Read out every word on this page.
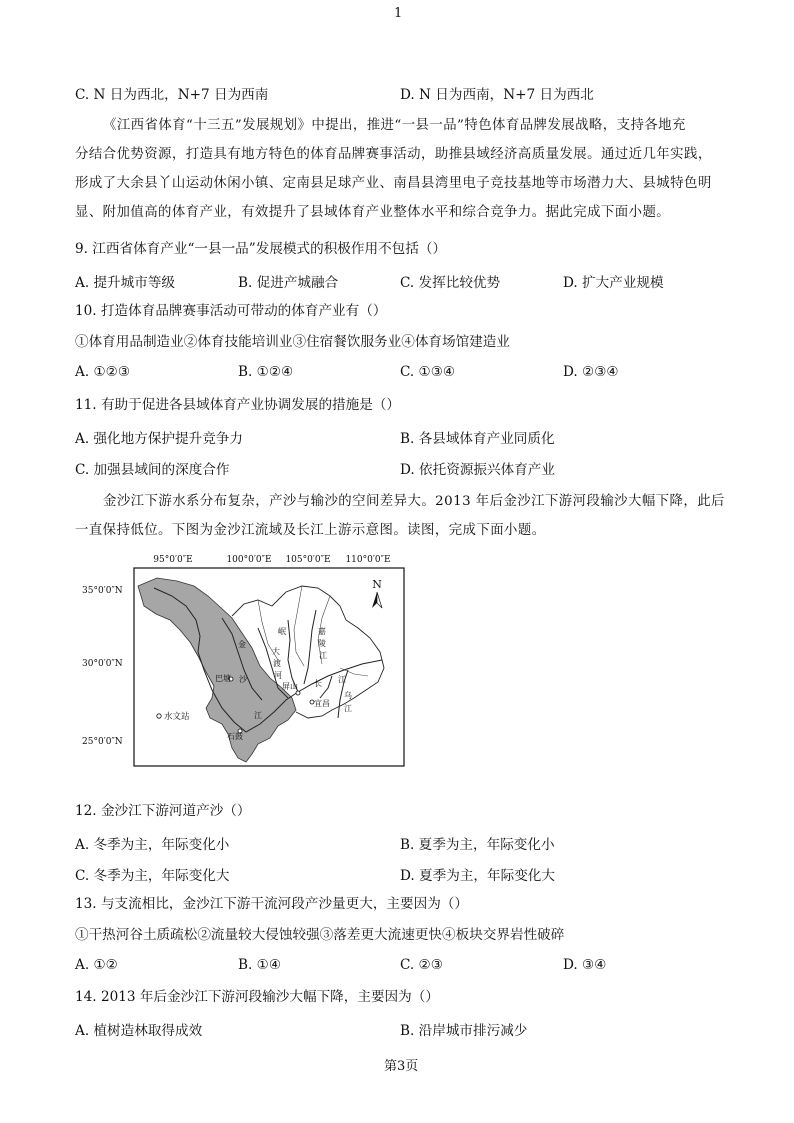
1
C. N 日为西北，N+7 日为西南	D. N 日为西南，N+7 日为西北
《江西省体育“十三五”发展规划》中提出，推进“一县一品”特色体育品牌发展战略，支持各地充
分结合优势资源，打造具有地方特色的体育品牌赛事活动，助推县域经济高质量发展。通过近几年实践，
形成了大余县丫山运动休闲小镇、定南县足球产业、南昌县湾里电子竞技基地等市场潜力大、县城特色明
显、附加值高的体育产业，有效提升了县域体育产业整体水平和综合竞争力。据此完成下面小题。
9. 江西省体育产业“一县一品”发展模式的积极作用不包括（）
A. 提升城市等级	B. 促进产城融合	C. 发挥比较优势	D. 扩大产业规模
10. 打造体育品牌赛事活动可带动的体育产业有（）
①体育用品制造业②体育技能培训业③住宿餐饮服务业④体育场馆建造业
A. ①②③	B. ①②④	C. ①③④	D. ②③④
11. 有助于促进各县域体育产业协调发展的措施是（）
A. 强化地方保护提升竞争力	B. 各县域体育产业同质化
C. 加强县域间的深度合作	D. 依托资源振兴体育产业
金沙江下游水系分布复杂，产沙与输沙的空间差异大。2013 年后金沙江下游河段输沙大幅下降，此后
一直保持低位。下图为金沙江流域及长江上游示意图。读图，完成下面小题。
95°0′0″E	100°0′0″E 105°0′0″E 110°0′0″E
35°0′0″N
30°0′0″N
25°0′0″N
N
水文站
巴塘
石鼓
屏山
宜昌
金
沙
江
大
渡
河
岷	嘉
陵
江
长 江
乌
江
12. 金沙江下游河道产沙（）
A. 冬季为主，年际变化小	B. 夏季为主，年际变化小
C. 冬季为主，年际变化大	D. 夏季为主，年际变化大
13. 与支流相比，金沙江下游干流河段产沙量更大，主要因为（）
①干热河谷土质疏松②流量较大侵蚀较强③落差更大流速更快④板块交界岩性破碎
A. ①②	B. ①④	C. ②③	D. ③④
14. 2013 年后金沙江下游河段输沙大幅下降，主要因为（）
A. 植树造林取得成效	B. 沿岸城市排污减少
第3页
